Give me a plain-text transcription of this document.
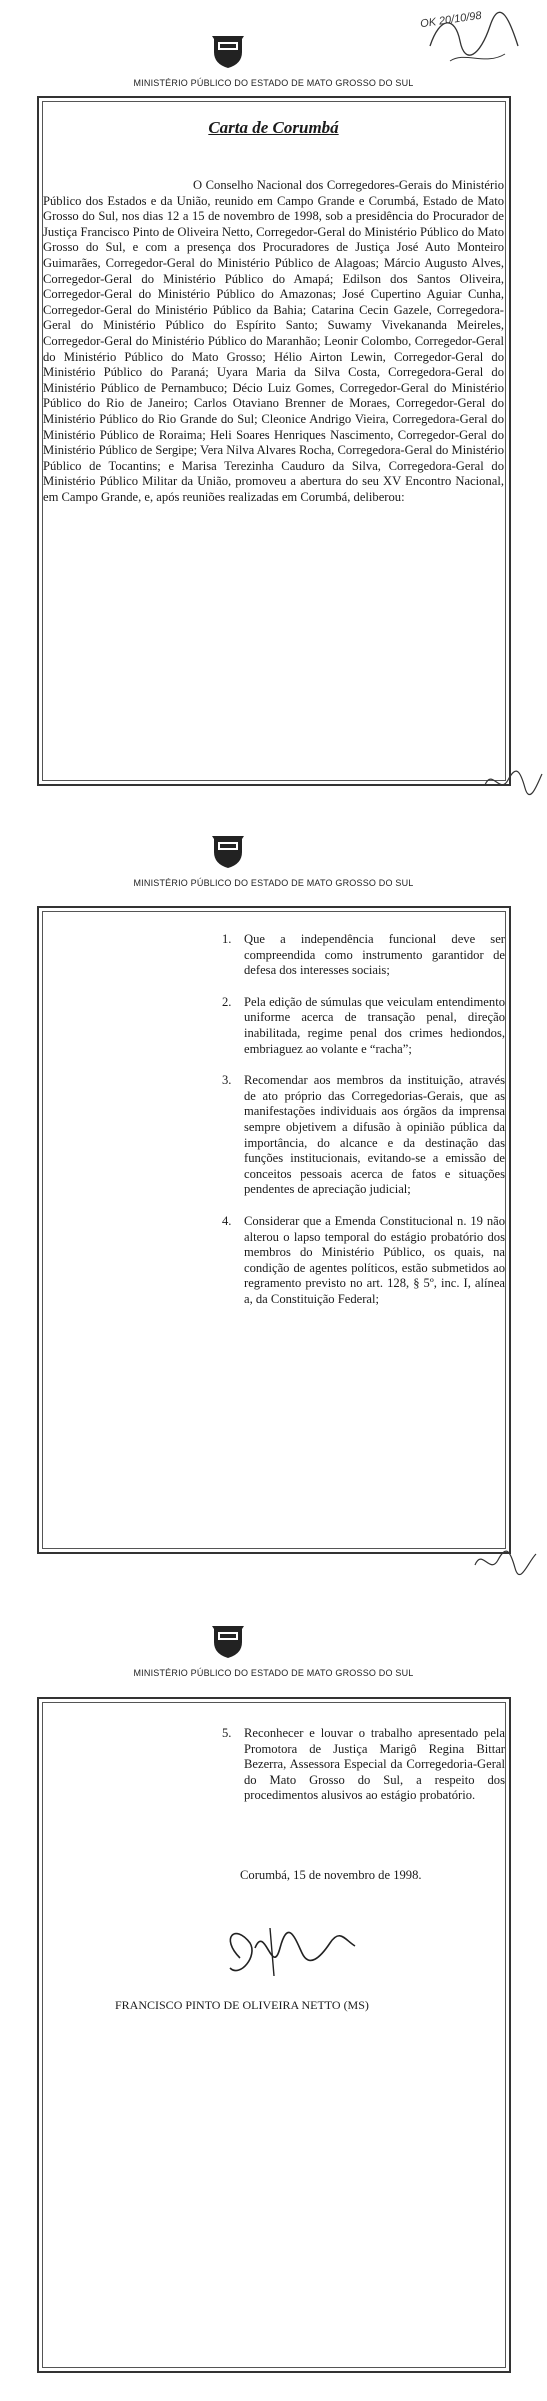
MINISTÉRIO PÚBLICO DO ESTADO DE MATO GROSSO DO SUL
OK 20/10/98
Carta de Corumbá
O Conselho Nacional dos Corregedores-Gerais do Ministério Público dos Estados e da União, reunido em Campo Grande e Corumbá, Estado de Mato Grosso do Sul, nos dias 12 a 15 de novembro de 1998, sob a presidência do Procurador de Justiça Francisco Pinto de Oliveira Netto, Corregedor-Geral do Ministério Público do Mato Grosso do Sul, e com a presença dos Procuradores de Justiça José Auto Monteiro Guimarães, Corregedor-Geral do Ministério Público de Alagoas; Márcio Augusto Alves, Corregedor-Geral do Ministério Público do Amapá; Edilson dos Santos Oliveira, Corregedor-Geral do Ministério Público do Amazonas; José Cupertino Aguiar Cunha, Corregedor-Geral do Ministério Público da Bahia; Catarina Cecin Gazele, Corregedora-Geral do Ministério Público do Espírito Santo; Suwamy Vivekananda Meireles, Corregedor-Geral do Ministério Público do Maranhão; Leonir Colombo, Corregedor-Geral do Ministério Público do Mato Grosso; Hélio Airton Lewin, Corregedor-Geral do Ministério Público do Paraná; Uyara Maria da Silva Costa, Corregedora-Geral do Ministério Público de Pernambuco; Décio Luiz Gomes, Corregedor-Geral do Ministério Público do Rio de Janeiro; Carlos Otaviano Brenner de Moraes, Corregedor-Geral do Ministério Público do Rio Grande do Sul; Cleonice Andrigo Vieira, Corregedora-Geral do Ministério Público de Roraima; Heli Soares Henriques Nascimento, Corregedor-Geral do Ministério Público de Sergipe; Vera Nilva Alvares Rocha, Corregedora-Geral do Ministério Público de Tocantins; e Marisa Terezinha Cauduro da Silva, Corregedora-Geral do Ministério Público Militar da União, promoveu a abertura do seu XV Encontro Nacional, em Campo Grande, e, após reuniões realizadas em Corumbá, deliberou:
MINISTÉRIO PÚBLICO DO ESTADO DE MATO GROSSO DO SUL
1. Que a independência funcional deve ser compreendida como instrumento garantidor de defesa dos interesses sociais;
2. Pela edição de súmulas que veiculam entendimento uniforme acerca de transação penal, direção inabilitada, regime penal dos crimes hediondos, embriaguez ao volante e “racha”;
3. Recomendar aos membros da instituição, através de ato próprio das Corregedorias-Gerais, que as manifestações individuais aos órgãos da imprensa sempre objetivem a difusão à opinião pública da importância, do alcance e da destinação das funções institucionais, evitando-se a emissão de conceitos pessoais acerca de fatos e situações pendentes de apreciação judicial;
4. Considerar que a Emenda Constitucional n. 19 não alterou o lapso temporal do estágio probatório dos membros do Ministério Público, os quais, na condição de agentes políticos, estão submetidos ao regramento previsto no art. 128, § 5º, inc. I, alínea a, da Constituição Federal;
MINISTÉRIO PÚBLICO DO ESTADO DE MATO GROSSO DO SUL
5. Reconhecer e louvar o trabalho apresentado pela Promotora de Justiça Marigô Regina Bittar Bezerra, Assessora Especial da Corregedoria-Geral do Mato Grosso do Sul, a respeito dos procedimentos alusivos ao estágio probatório.
Corumbá, 15 de novembro de 1998.
FRANCISCO PINTO DE OLIVEIRA NETTO (MS)
